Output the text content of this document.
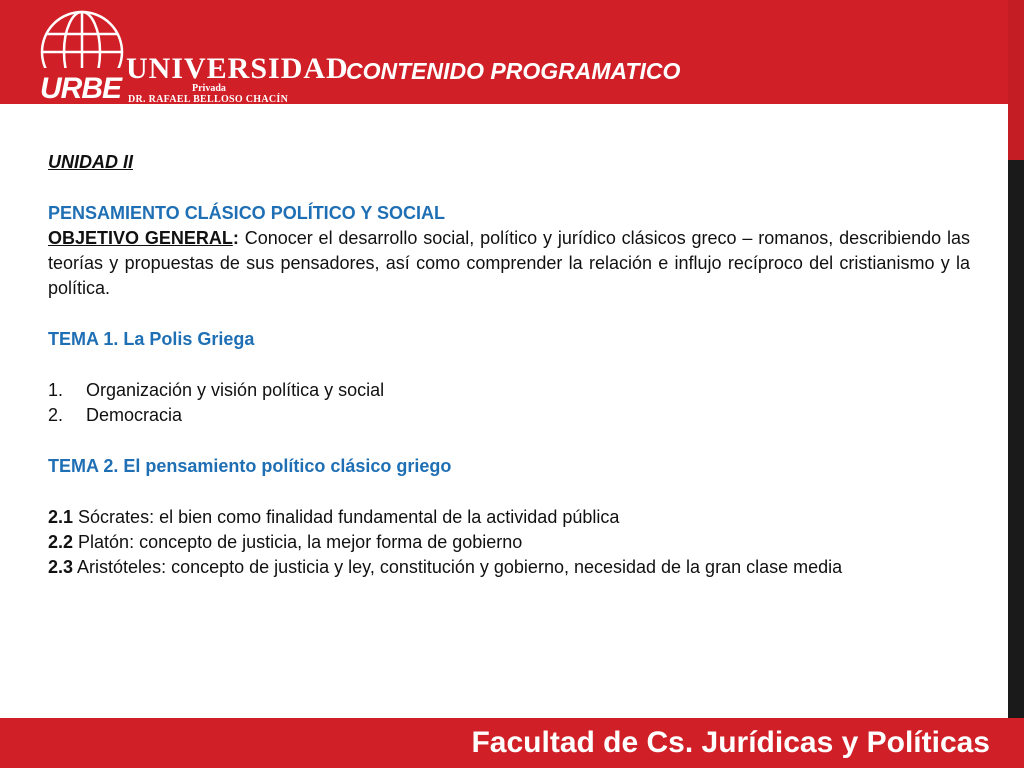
URBE
UNIVERSIDAD
Privada
DR. RAFAEL BELLOSO CHACÍN
CONTENIDO PROGRAMATICO

UNIDAD II

PENSAMIENTO CLÁSICO POLÍTICO Y SOCIAL

OBJETIVO GENERAL: Conocer el desarrollo social, político y jurídico clásicos greco – romanos, describiendo las teorías y propuestas de sus pensadores, así como comprender la relación e influjo recíproco del cristianismo y la política.

TEMA 1. La Polis Griega

1.	Organización y visión política y social
2.	Democracia

TEMA 2. El pensamiento político clásico griego

2.1 Sócrates: el bien como finalidad fundamental de la actividad pública

2.2 Platón: concepto de justicia, la mejor forma de gobierno

2.3 Aristóteles: concepto de justicia y ley, constitución y gobierno, necesidad de la gran clase media

Facultad de Cs. Jurídicas y Políticas
